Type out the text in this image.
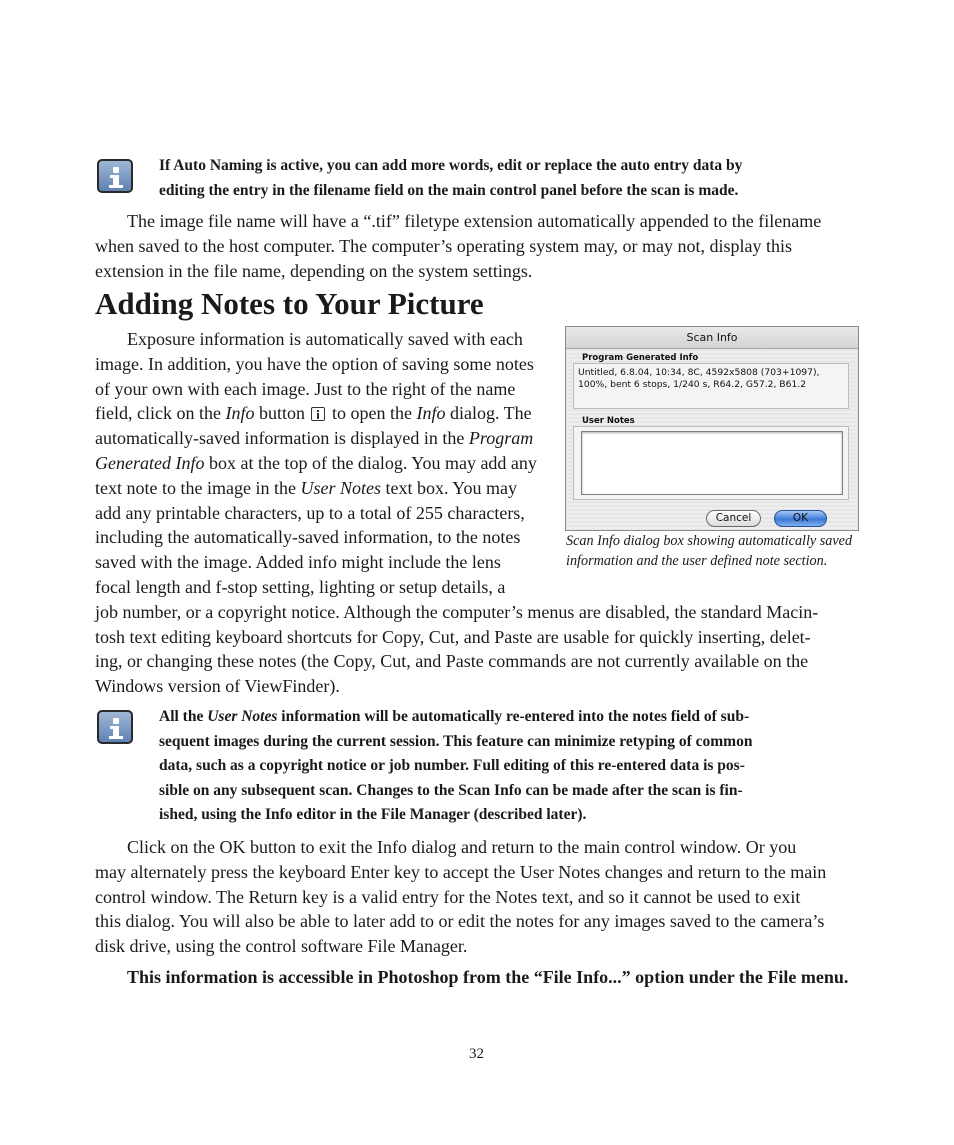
If Auto Naming is active, you can add more words, edit or replace the auto entry data by
editing the entry in the filename field on the main control panel before the scan is made.
The image file name will have a “.tif” filetype extension automatically appended to the filename
when saved to the host computer. The computer’s operating system may, or may not, display this
extension in the file name, depending on the system settings.
Adding Notes to Your Picture
Exposure information is automatically saved with each
image. In addition, you have the option of saving some notes
of your own with each image. Just to the right of the name
field, click on the Info button  to open the Info dialog. The
automatically-saved information is displayed in the Program
Generated Info box at the top of the dialog. You may add any
text note to the image in the User Notes text box. You may
add any printable characters, up to a total of 255 characters,
including the automatically-saved information, to the notes
saved with the image. Added info might include the lens
focal length and f-stop setting, lighting or setup details, a
job number, or a copyright notice. Although the computer’s menus are disabled, the standard Macin-
tosh text editing keyboard shortcuts for Copy, Cut, and Paste are usable for quickly inserting, delet-
ing, or changing these notes (the Copy, Cut, and Paste commands are not currently available on the
Windows version of ViewFinder).
Scan Info
Program Generated Info
Untitled, 6.8.04, 10:34, 8C, 4592x5808 (703+1097),
100%, bent 6 stops, 1/240 s, R64.2, G57.2, B61.2
User Notes
Cancel	OK
Scan Info dialog box showing automatically saved
information and the user defined note section.
All the User Notes information will be automatically re-entered into the notes field of sub-
sequent images during the current session. This feature can minimize retyping of common
data, such as a copyright notice or job number. Full editing of this re-entered data is pos-
sible on any subsequent scan. Changes to the Scan Info can be made after the scan is fin-
ished, using the Info editor in the File Manager (described later).
Click on the OK button to exit the Info dialog and return to the main control window. Or you
may alternately press the keyboard Enter key to accept the User Notes changes and return to the main
control window. The Return key is a valid entry for the Notes text, and so it cannot be used to exit
this dialog. You will also be able to later add to or edit the notes for any images saved to the camera’s
disk drive, using the control software File Manager.
This information is accessible in Photoshop from the “File Info...” option under the File menu.
32
